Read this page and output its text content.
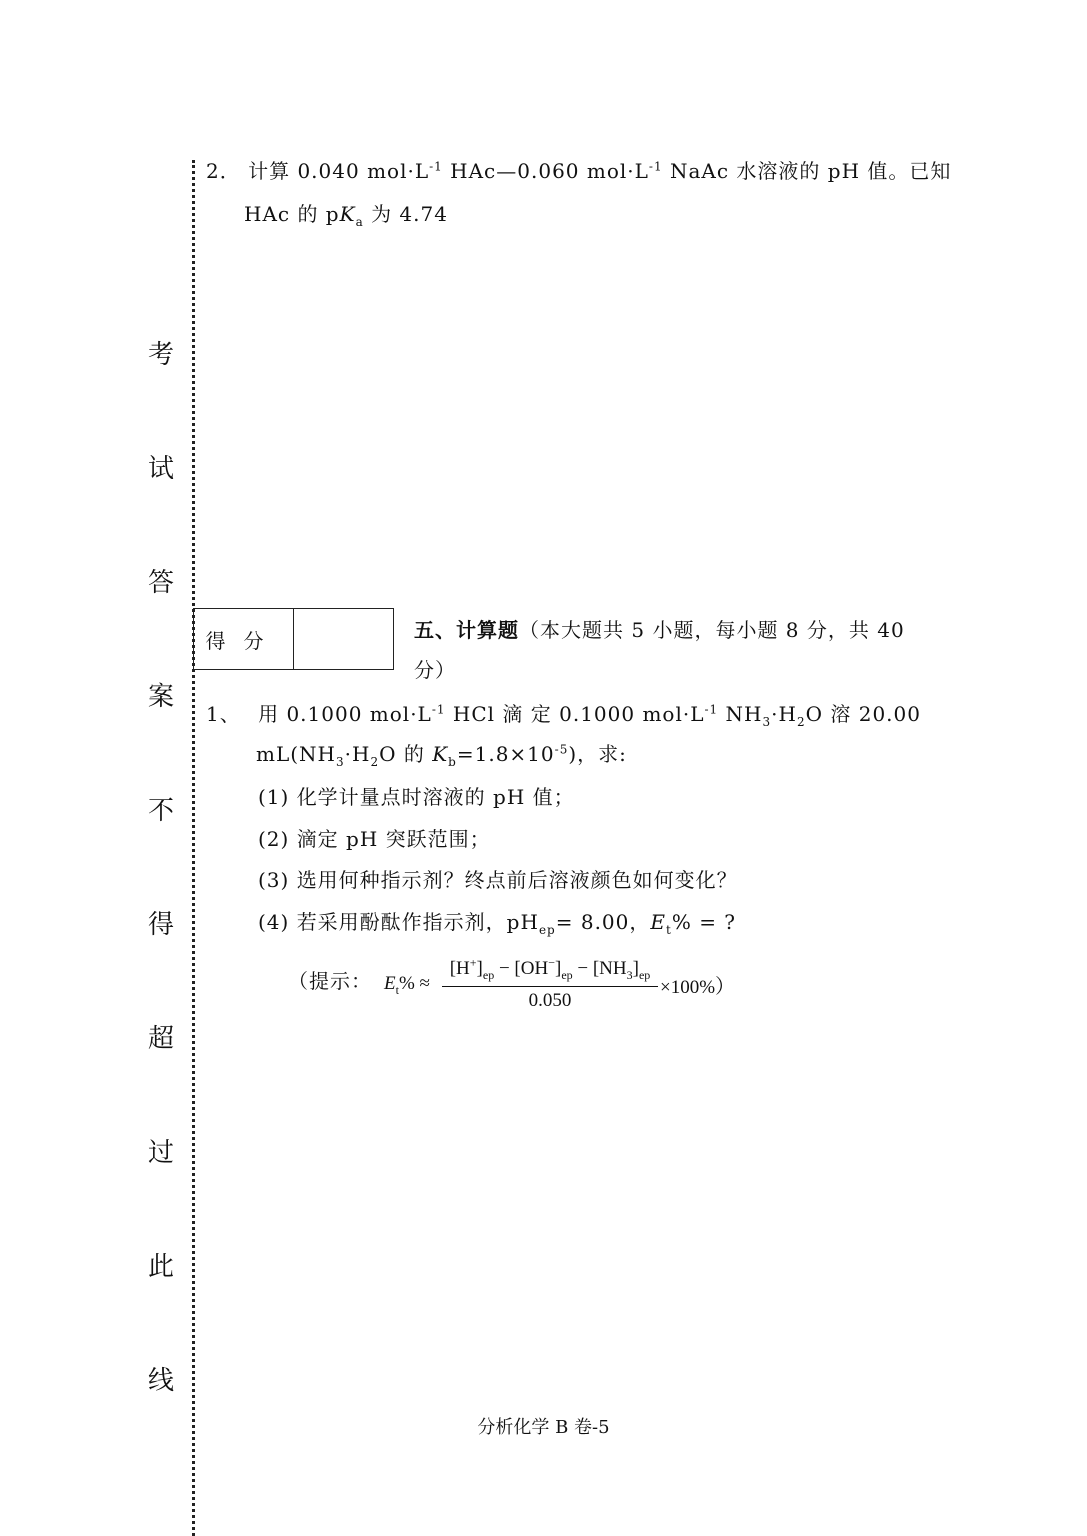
考
试
答
案
不
得
超
过
此
线
2． 计算 0.040 $mol\cdot L^{-1}$ HAc—0.060 $mol\cdot L^{-1}$ NaAc 水溶液的 pH 值。已知
HAc 的 $pK_a$ 为 4.74
得分	五、计算题（本大题共 5 小题，每小题 8 分，共 40
分）
1、 用 0.1000 $mol\cdot L^{-1}$ HCl 滴 定 0.1000 $mol\cdot L^{-1}$ $NH_3\cdot H_2O$ 溶 20.00
$mL(NH_3\cdot H_2O$ 的 $K_b=1.8\times 10^{-5}$)，求:
(1) 化学计量点时溶液的 pH 值；
(2) 滴定 pH 突跃范围；
(3) 选用何种指示剂？终点前后溶液颜色如何变化？
(4) 若采用酚酞作指示剂，$pH_{ep}= 8.00$，$E_t\%$ = ?
（提示： $E_t\%$ ≈
$[H^+]_{ep} - [OH^-]_{ep} - [NH_3]_{ep}$
0.050
×100%）
分析化学 B 卷-5
